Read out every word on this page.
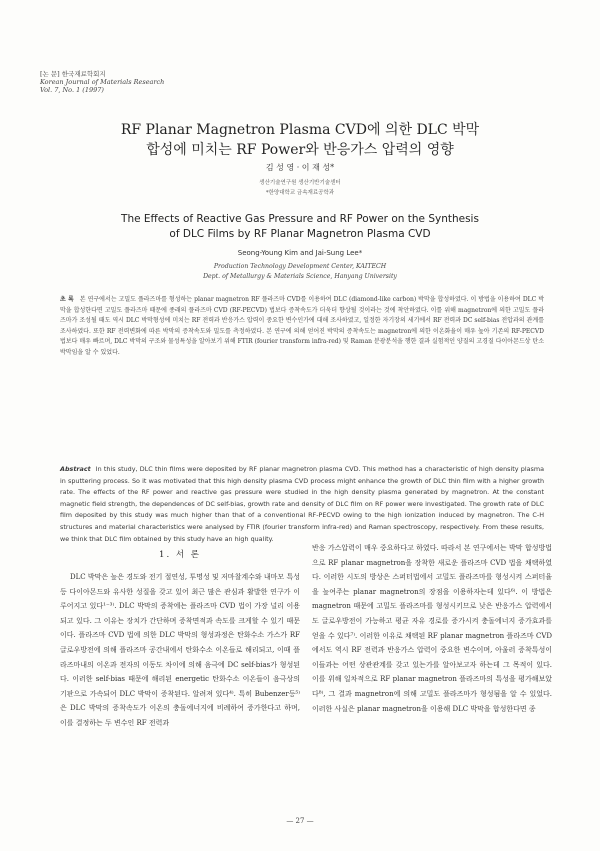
[논 문] 한국재료학회지
Korean Journal of Materials Research
Vol. 7, No. 1 (1997)
RF Planar Magnetron Plasma CVD에 의한 DLC 박막
합성에 미치는 RF Power와 반응가스 압력의 영향
김 성 영 · 이 재 성*
생산기술연구원 생산기반기술센터
*한양대학교 금속재료공학과
The Effects of Reactive Gas Pressure and RF Power on the Synthesis
of DLC Films by RF Planar Magnetron Plasma CVD
Seong-Young Kim and Jai-Sung Lee*
Production Technology Development Center, KAITECH
Dept. of Metallurgy & Materials Science, Hanyang University
초 록 본 연구에서는 고밀도 플라즈마를 형성하는 planar magnetron RF 플라즈마 CVD를 이용하여 DLC (diamond-like carbon) 박막을 합성하였다. 이 방법을 이용하여 DLC 박막을 합성한다면 고밀도 플라즈마 때문에 종래의 플라즈마 CVD (RF-PECVD) 법보다 증착속도가 더욱더 향상될 것이라는 것에 착안하였다. 이를 위해 magnetron에 의한 고밀도 플라즈마가 조성될 때도 역시 DLC 박막형성에 미치는 RF 전력과 반응가스 압력이 중요한 변수인가에 대해 조사하였고, 일정한 자기장의 세기에서 RF 전력과 DC self-bias 전압과의 관계를 조사하였다. 또한 RF 전력변화에 따른 박막의 증착속도와 밀도를 측정하였다. 본 연구에 의해 얻어진 박막의 증착속도는 magnetron에 의한 이온화율이 매우 높아 기존의 RF-PECVD 법보다 매우 빠르며, DLC 박막의 구조와 물성특성을 알아보기 위해 FTIR (fourier transform infra-red) 및 Raman 분광분석을 행한 결과 실험적인 양질의 고경질 다이아몬드상 탄소박막임을 알 수 있었다.
Abstract In this study, DLC thin films were deposited by RF planar magnetron plasma CVD. This method has a characteristic of high density plasma in sputtering process. So it was motivated that this high density plasma CVD process might enhance the growth of DLC thin film with a higher growth rate. The effects of the RF power and reactive gas pressure were studied in the high density plasma generated by magnetron. At the constant magnetic field strength, the dependences of DC self-bias, growth rate and density of DLC film on RF power were investigated. The growth rate of DLC film deposited by this study was much higher than that of a conventional RF-PECVD owing to the high ionization induced by magnetron. The C-H structures and material characteristics were analysed by FTIR (fourier transform infra-red) and Raman spectroscopy, respectively. From these results, we think that DLC film obtained by this study have an high quality.
1. 서 론

DLC 박막은 높은 경도와 전기 절연성, 투명성 및 저마찰계수와 내마모 특성 등 다이아몬드와 유사한 성질을 갖고 있어 최근 많은 관심과 활발한 연구가 이루어지고 있다¹⁻³⁾. DLC 박막의 증착에는 플라즈마 CVD 법이 가장 널리 이용되고 있다. 그 이유는 장치가 간단하며 증착면적과 속도를 크게할 수 있기 때문이다. 플라즈마 CVD 법에 의한 DLC 박막의 형성과정은 탄화수소 가스가 RF 글로우방전에 의해 플라즈마 공간내에서 탄화수소 이온들로 해리되고, 이때 플라즈마내의 이온과 전자의 이동도 차이에 의해 음극에 DC self-bias가 형성된다. 이러한 self-bias 때문에 해리된 energetic 탄화수소 이온들이 음극상의 기판으로 가속되어 DLC 박막이 증착된다. 알려져 있다⁴⁾. 특히 Bubenzer등⁵⁾은 DLC 박막의 증착속도가 이온의 충돌에너지에 비례하여 증가한다고 하며, 이를 결정하는 두 변수인 RF 전력과

반응 가스압력이 매우 중요하다고 하였다. 따라서 본 연구에서는 박막 합성방법으로 RF planar magnetron을 장착한 새로운 플라즈마 CVD 법을 채택하였다. 이러한 시도의 방상은 스퍼터법에서 고밀도 플라즈마를 형성시켜 스퍼터율을 높여주는 planar magnetron의 장점을 이용하자는데 있다⁶⁾. 이 방법은 magnetron 때문에 고밀도 플라즈마를 형성시키므로 낮은 반응가스 압력에서도 글로우방전이 가능하고 평균 자유 경로를 증가시켜 충돌에너지 증가효과를 얻을 수 있다⁷⁾. 이러한 이유로 채택된 RF planar magnetron 플라즈마 CVD에서도 역시 RF 전력과 반응가스 압력이 중요한 변수이며, 아울러 증착특성이 이들과는 어떤 상관관계를 갖고 있는가를 알아보고자 하는데 그 목적이 있다. 이를 위해 일차적으로 RF planar magnetron 플라즈마의 특성을 평가해보았다⁸⁾, 그 결과 magnetron에 의해 고밀도 플라즈마가 형성됨을 알 수 있었다. 이러한 사실은 planar magnetron을 이용해 DLC 박막을 합성한다면 종

— 27 —
